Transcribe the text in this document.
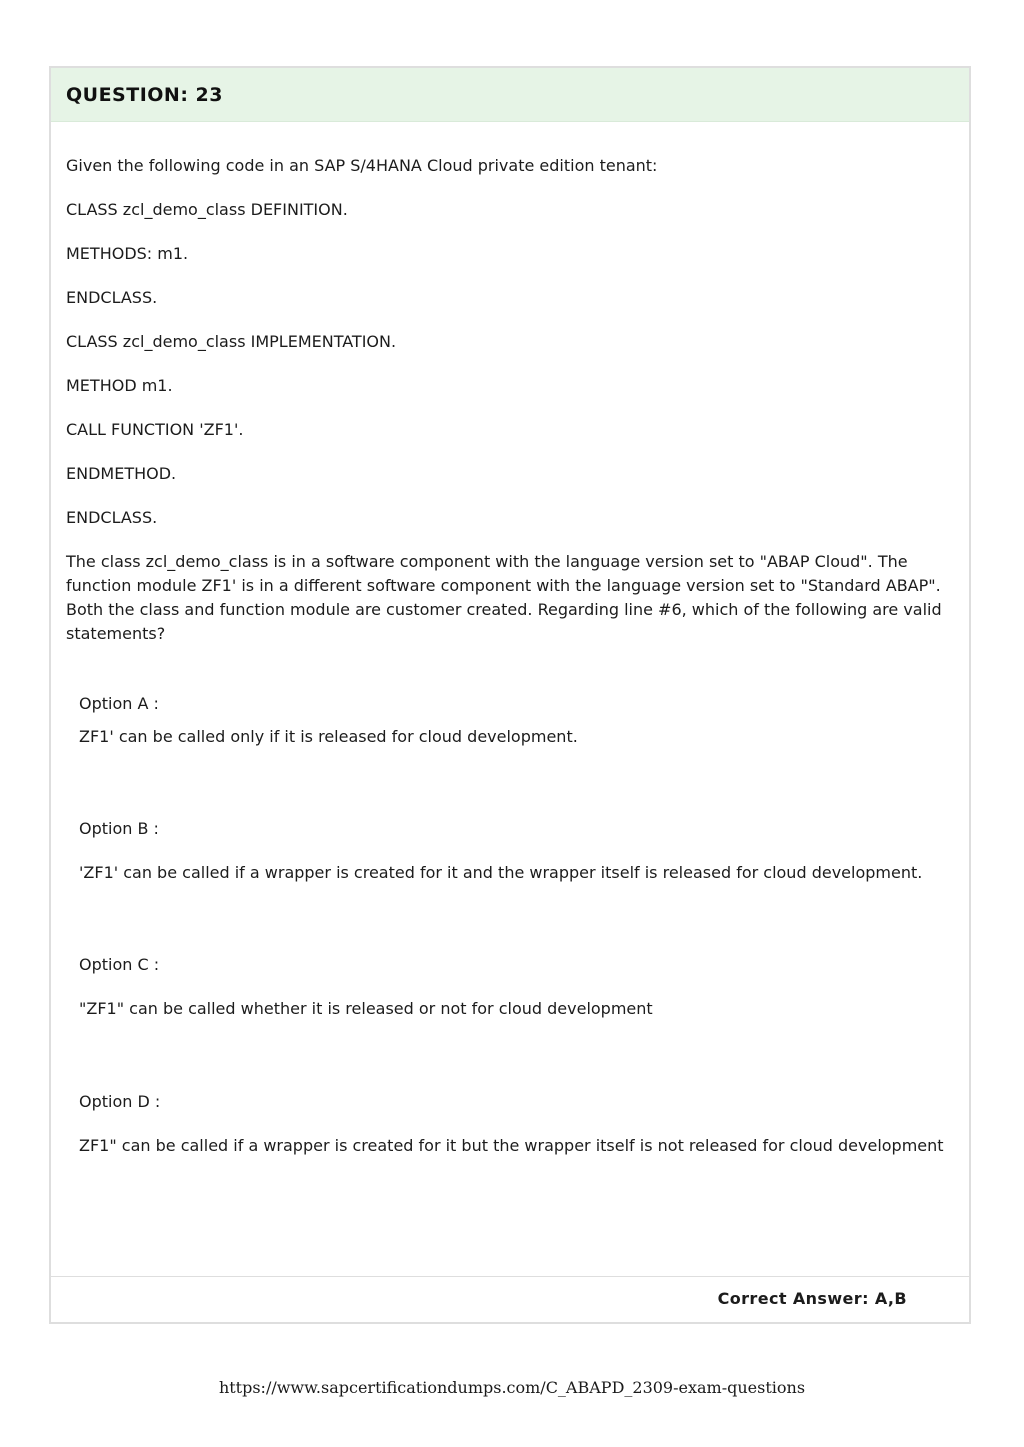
QUESTION: 23

Given the following code in an SAP S/4HANA Cloud private edition tenant:

CLASS zcl_demo_class DEFINITION.

METHODS: m1.

ENDCLASS.

CLASS zcl_demo_class IMPLEMENTATION.

METHOD m1.

CALL FUNCTION 'ZF1'.

ENDMETHOD.

ENDCLASS.

The class zcl_demo_class is in a software component with the language version set to "ABAP Cloud". The function module ZF1' is in a different software component with the language version set to "Standard ABAP". Both the class and function module are customer created. Regarding line #6, which of the following are valid statements?

Option A :
ZF1' can be called only if it is released for cloud development.
Option B :
'ZF1' can be called if a wrapper is created for it and the wrapper itself is released for cloud development.
Option C :
"ZF1" can be called whether it is released or not for cloud development
Option D :
ZF1" can be called if a wrapper is created for it but the wrapper itself is not released for cloud development
Correct Answer: A,B
https://www.sapcertificationdumps.com/C_ABAPD_2309-exam-questions
